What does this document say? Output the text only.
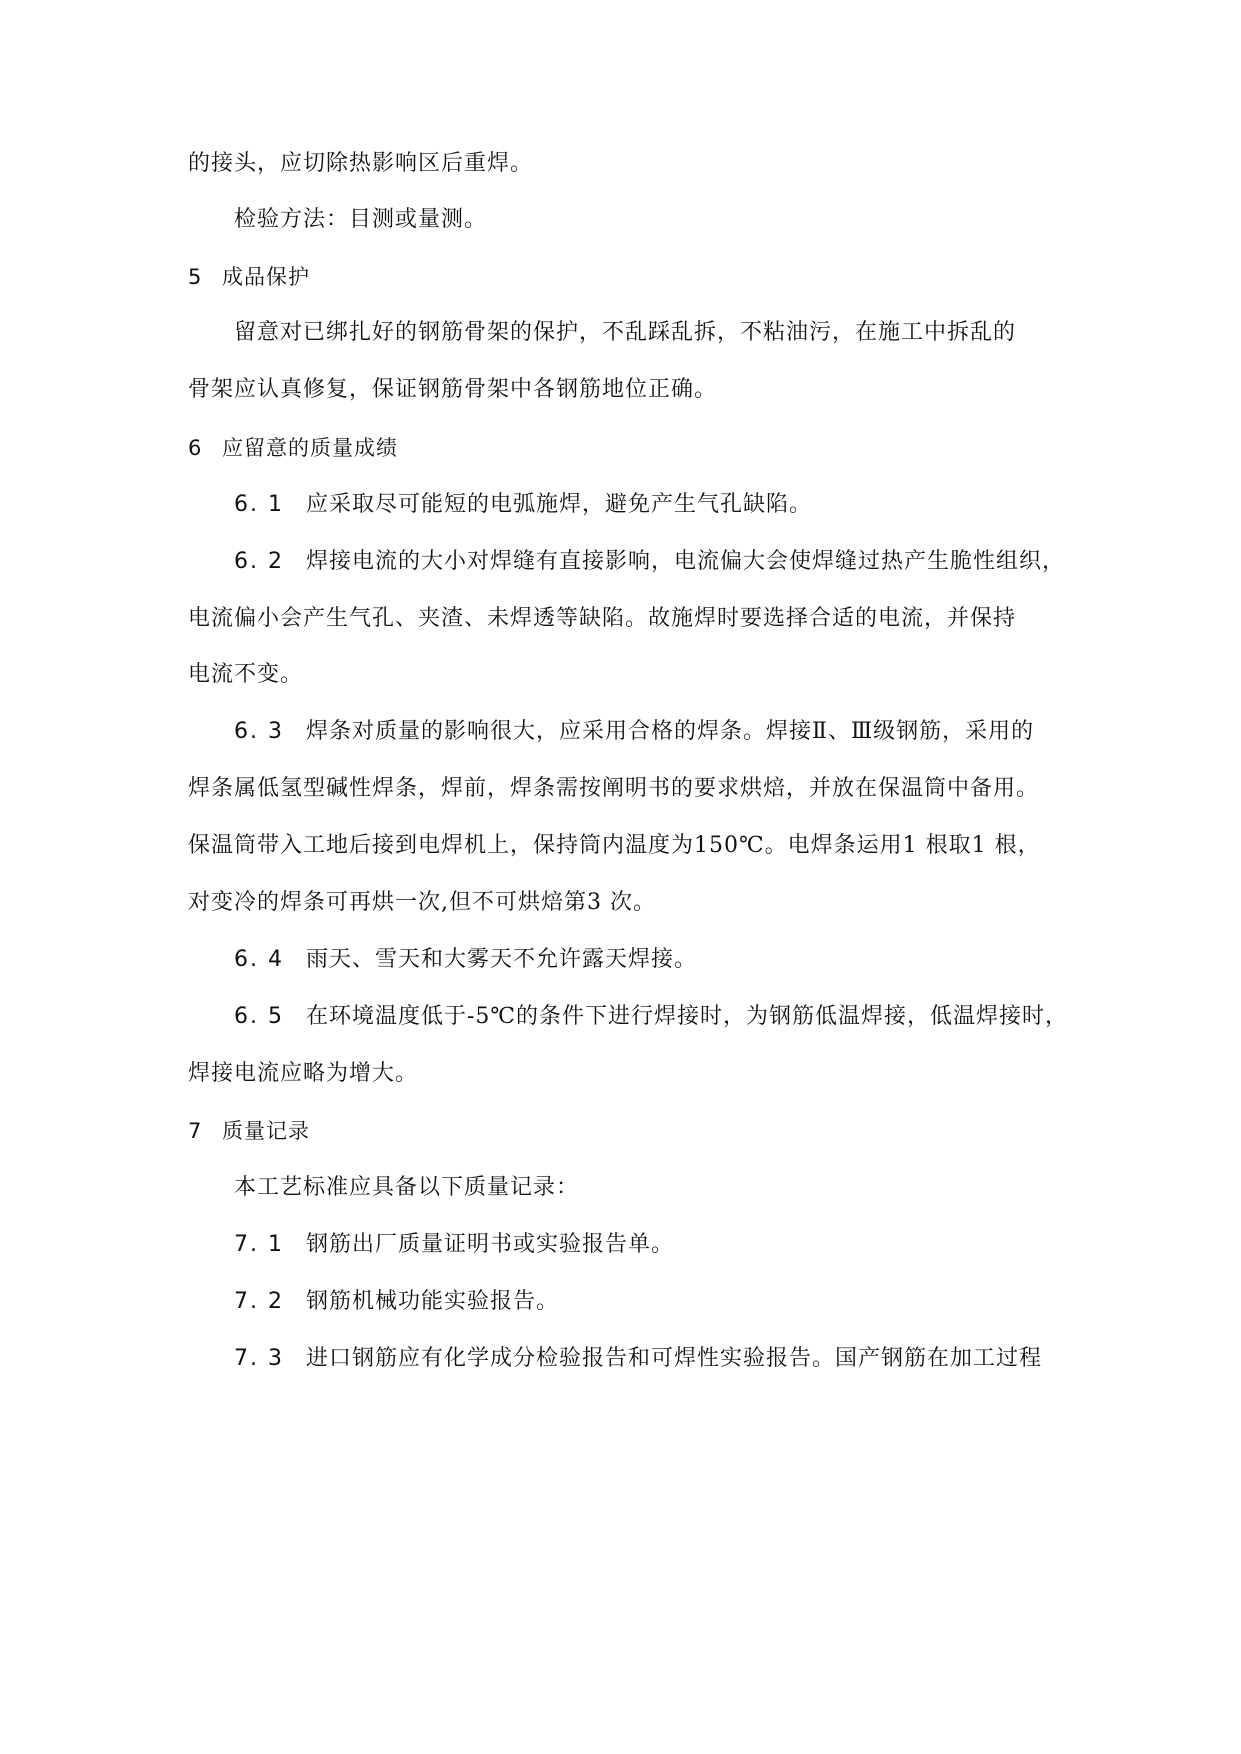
的接头，应切除热影响区后重焊。
检验方法：目测或量测。
5 成品保护
留意对已绑扎好的钢筋骨架的保护，不乱踩乱拆，不粘油污，在施工中拆乱的
骨架应认真修复，保证钢筋骨架中各钢筋地位正确。
6 应留意的质量成绩
6. 1 应采取尽可能短的电弧施焊，避免产生气孔缺陷。
6. 2 焊接电流的大小对焊缝有直接影响，电流偏大会使焊缝过热产生脆性组织，
电流偏小会产生气孔、夹渣、未焊透等缺陷。故施焊时要选择合适的电流，并保持
电流不变。
6. 3 焊条对质量的影响很大，应采用合格的焊条。焊接Ⅱ、Ⅲ级钢筋，采用的
焊条属低氢型碱性焊条，焊前，焊条需按阐明书的要求烘焙，并放在保温筒中备用。
保温筒带入工地后接到电焊机上，保持筒内温度为150℃。电焊条运用1 根取1 根，
对变冷的焊条可再烘一次,但不可烘焙第3 次。
6. 4 雨天、雪天和大雾天不允许露天焊接。
6. 5 在环境温度低于-5℃的条件下进行焊接时，为钢筋低温焊接，低温焊接时，
焊接电流应略为增大。
7 质量记录
本工艺标准应具备以下质量记录：
7. 1 钢筋出厂质量证明书或实验报告单。
7. 2 钢筋机械功能实验报告。
7. 3 进口钢筋应有化学成分检验报告和可焊性实验报告。国产钢筋在加工过程
